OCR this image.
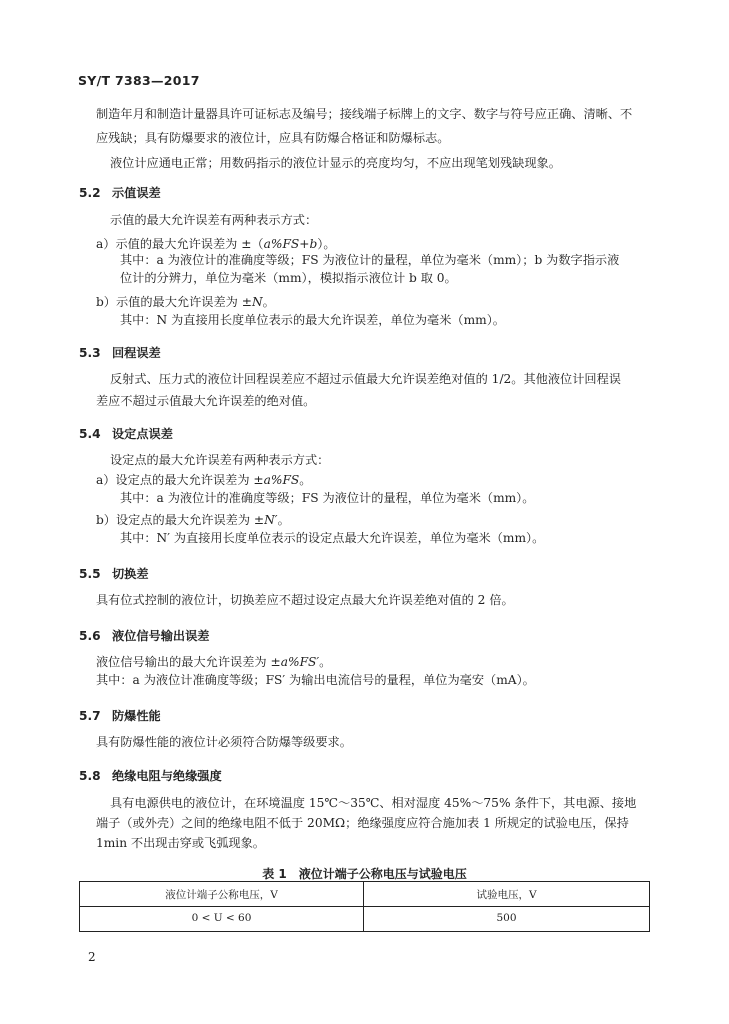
SY/T 7383—2017
制造年月和制造计量器具许可证标志及编号；接线端子标牌上的文字、数字与符号应正确、清晰、不
应残缺；具有防爆要求的液位计，应具有防爆合格证和防爆标志。
液位计应通电正常；用数码指示的液位计显示的亮度均匀，不应出现笔划残缺现象。
5.2 示值误差
示值的最大允许误差有两种表示方式：
a）示值的最大允许误差为 ±（a%FS+b）。
其中：a 为液位计的准确度等级；FS 为液位计的量程，单位为毫米（mm）；b 为数字指示液
位计的分辨力，单位为毫米（mm），模拟指示液位计 b 取 0。
b）示值的最大允许误差为 ±N。
其中：N 为直接用长度单位表示的最大允许误差，单位为毫米（mm）。
5.3 回程误差
反射式、压力式的液位计回程误差应不超过示值最大允许误差绝对值的 1/2。其他液位计回程误
差应不超过示值最大允许误差的绝对值。
5.4 设定点误差
设定点的最大允许误差有两种表示方式：
a）设定点的最大允许误差为 ±a%FS。
其中：a 为液位计的准确度等级；FS 为液位计的量程，单位为毫米（mm）。
b）设定点的最大允许误差为 ±N′。
其中：N′ 为直接用长度单位表示的设定点最大允许误差，单位为毫米（mm）。
5.5 切换差
具有位式控制的液位计，切换差应不超过设定点最大允许误差绝对值的 2 倍。
5.6 液位信号输出误差
液位信号输出的最大允许误差为 ±a%FS′。
其中：a 为液位计准确度等级；FS′ 为输出电流信号的量程，单位为毫安（mA）。
5.7 防爆性能
具有防爆性能的液位计必须符合防爆等级要求。
5.8 绝缘电阻与绝缘强度
具有电源供电的液位计，在环境温度 15℃～35℃、相对湿度 45%～75% 条件下，其电源、接地
端子（或外壳）之间的绝缘电阻不低于 20MΩ；绝缘强度应符合施加表 1 所规定的试验电压，保持
1min 不出现击穿或飞弧现象。
表 1　液位计端子公称电压与试验电压
液位计端子公称电压，V	试验电压，V
0 < U < 60	500
2
